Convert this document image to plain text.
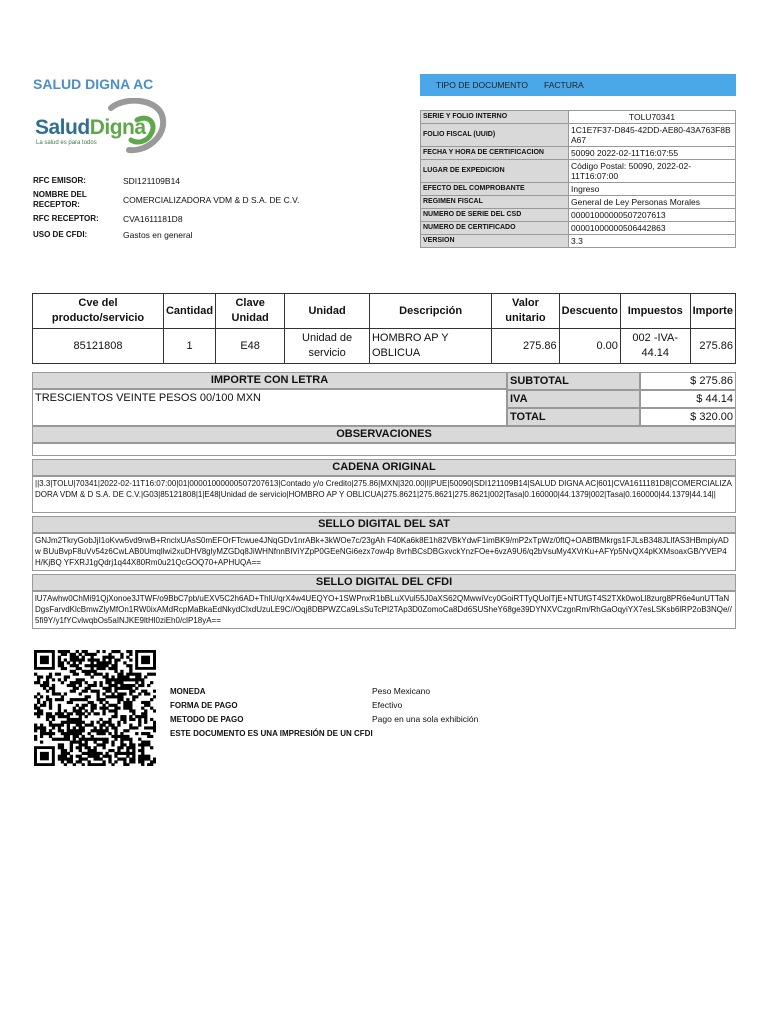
SALUD DIGNA AC
SaludDigna
La salud es para todos
RFC EMISOR:	SDI121109B14
NOMBRE DEL RECEPTOR:	COMERCIALIZADORA VDM & D S.A. DE C.V.
RFC RECEPTOR:	CVA1611181D8
USO DE CFDI:	Gastos en general
TIPO DE DOCUMENTO	FACTURA
SERIE Y FOLIO INTERNO	TOLU70341
FOLIO FISCAL (UUID)	1C1E7F37-D845-42DD-AE80-43A763F8BA67
FECHA Y HORA DE CERTIFICACION	50090 2022-02-11T16:07:55
LUGAR DE EXPEDICION	Código Postal: 50090, 2022-02-11T16:07:00
EFECTO DEL COMPROBANTE	Ingreso
REGIMEN FISCAL	General de Ley Personas Morales
NUMERO DE SERIE DEL CSD	00001000000507207613
NUMERO DE CERTIFICADO	00001000000506442863
VERSION	3.3
Cve del producto/servicio	Cantidad	Clave Unidad	Unidad	Descripción	Valor unitario	Descuento	Impuestos	Importe
85121808	1	E48	Unidad de servicio	HOMBRO AP Y OBLICUA	275.86	0.00	002 -IVA- 44.14	275.86
IMPORTE CON LETRA
TRESCIENTOS VEINTE PESOS 00/100 MXN
SUBTOTAL	$ 275.86
IVA	$ 44.14
TOTAL	$ 320.00
OBSERVACIONES
CADENA ORIGINAL
||3.3|TOLU|70341|2022-02-11T16:07:00|01|00001000000507207613|Contado y/o Credito|275.86|MXN|320.00|I|PUE|50090|SDI121109B14|SALUD DIGNA AC|601|CVA1611181D8|COMERCIALIZADORA VDM & D S.A. DE C.V.|G03|85121808|1|E48|Unidad de servicio|HOMBRO AP Y OBLICUA|275.8621|275.8621|275.8621|002|Tasa|0.160000|44.1379|002|Tasa|0.160000|44.1379|44.14||
SELLO DIGITAL DEL SAT
GNJm2TkryGobJjI1oKvw5vd9rwB+RnclxUAsS0mEFOrFTcwue4JNqGDv1nrABk+3kWOe7c/23gAh F40Ka6k8E1h82VBkYdwF1imBK9/mP2xTpWz/0ftQ+OABfBMkrgs1FJLsB348JLlfAS3HBmpiyADw BUuBvpF8uVv54z6CwLAB0Umqllwi2xuDHV8glyMZGDq8JiWHNfnnBIViYZpP0GEeNGi6ezx7ow4p 8vrhBCsDBGxvckYnzFOe+6vzA9U6/q2bVsuMy4XVrKu+AFYp5NvQX4pKXMsoaxGB/YVEP4H/KjBQ YFXRJ1gQdrj1q44X80Rm0u21QcGOQ70+APHUQA==
SELLO DIGITAL DEL CFDI
lU7Awhw0ChMi91QjXonoe3JTWF/o9BbC7pb/uEXV5C2h6AD+ThlU/qrX4w4UEQYO+1SWPnxR1bBLuXVul55J0aXS62QMwwiVcy0GoiRTTyQUolTjE+NTUfGT4S2TXk0woLl8zurg8PR6e4unUTTaNDgsFarvdKlcBmwZlyMfOn1RW0ixAMdRcpMaBkaEdNkydClxdUzuLE9C//Oqj8DBPWZCa9LsSuTcPI2TAp3D0ZomoCa8Dd6SUSheY68ge39DYNXVCzgnRm/RhGaOqyiYX7esLSKsb6lRP2oB3NQe//5fi9Y/y1fYCvlwqbOs5aINJKE9ltHl0ziEh0/clP18yA==
MONEDA	Peso Mexicano
FORMA DE PAGO	Efectivo
METODO DE PAGO	Pago en una sola exhibición
ESTE DOCUMENTO ES UNA IMPRESIÓN DE UN CFDI
